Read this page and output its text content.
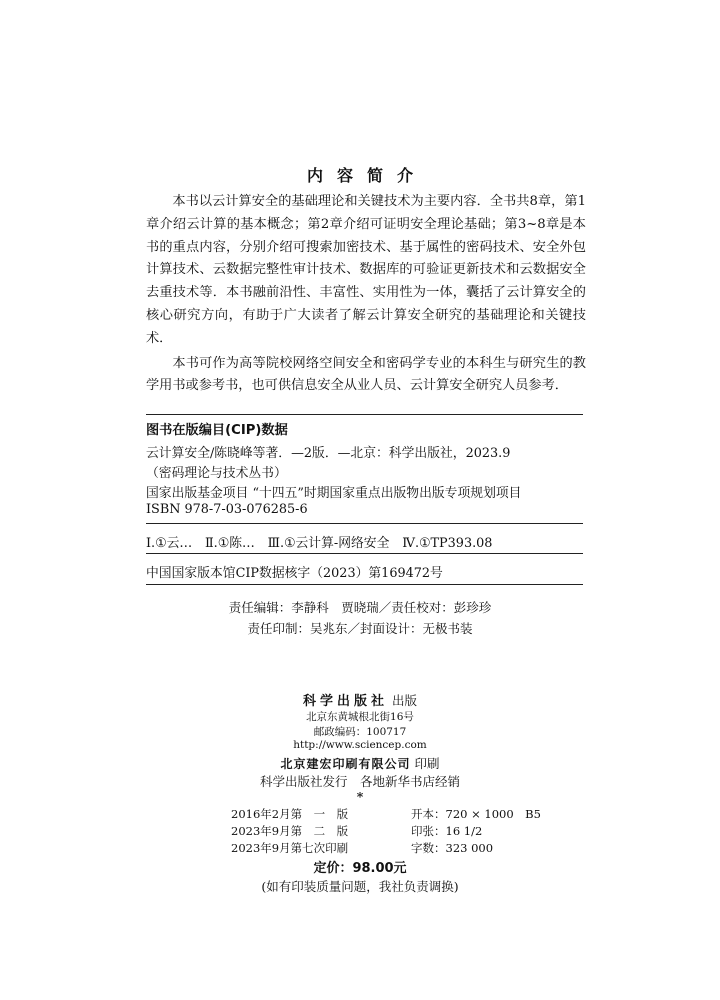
内容简介

本书以云计算安全的基础理论和关键技术为主要内容．全书共8章，第1章介绍云计算的基本概念；第2章介绍可证明安全理论基础；第3~8章是本书的重点内容，分别介绍可搜索加密技术、基于属性的密码技术、安全外包计算技术、云数据完整性审计技术、数据库的可验证更新技术和云数据安全去重技术等．本书融前沿性、丰富性、实用性为一体，囊括了云计算安全的核心研究方向，有助于广大读者了解云计算安全研究的基础理论和关键技术．

本书可作为高等院校网络空间安全和密码学专业的本科生与研究生的教学用书或参考书，也可供信息安全从业人员、云计算安全研究人员参考．

图书在版编目(CIP)数据
云计算安全/陈晓峰等著．—2版．—北京：科学出版社，2023.9
（密码理论与技术丛书）
国家出版基金项目 “十四五”时期国家重点出版物出版专项规划项目
ISBN 978-7-03-076285-6
Ⅰ.①云…　Ⅱ.①陈…　Ⅲ.①云计算-网络安全　Ⅳ.①TP393.08
中国国家版本馆CIP数据核字（2023）第169472号
责任编辑：李静科　贾晓瑞／责任校对：彭珍珍
责任印制：吴兆东／封面设计：无极书装
科学出版社 出版
北京东黄城根北街16号
邮政编码：100717
http://www.sciencep.com
北京建宏印刷有限公司 印刷
科学出版社发行　各地新华书店经销
*
2016年2月第　一　版	开本：720 × 1000　B5
2023年9月第　二　版	印张：16 1/2
2023年9月第七次印刷	字数：323 000
定价：98.00元
(如有印装质量问题，我社负责调换)
